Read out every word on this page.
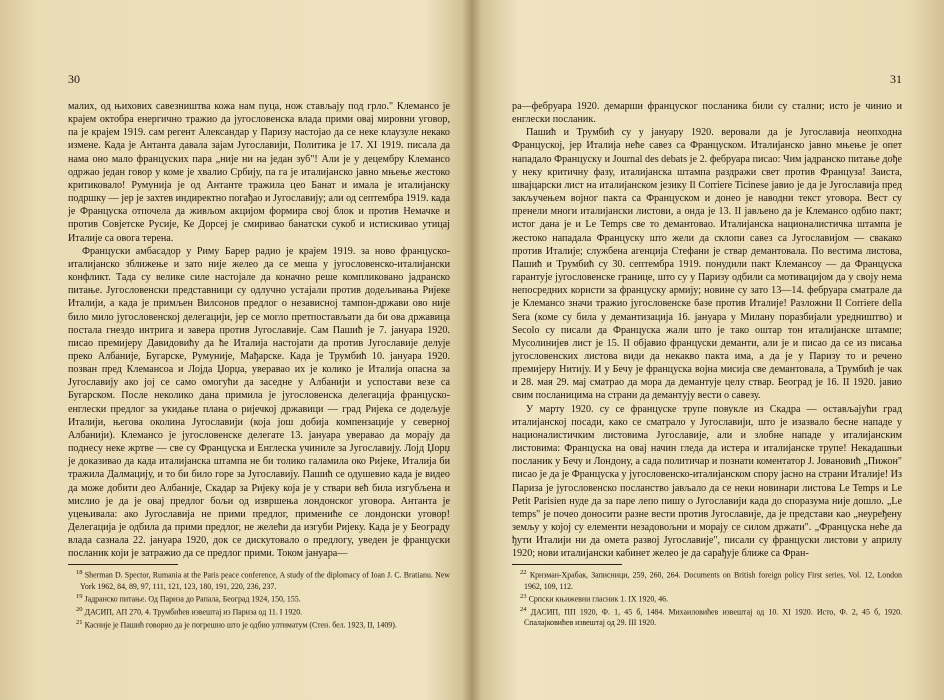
30

малих, од њихових савезништва кожа нам пуца, нож стављају под грло." Клемансо је крајем октобра енергично тражио да југословенска влада прими овај мировни уговор, па је крајем 1919. сам регент Александар у Паризу настојао да се неке клаузуле некако измене. Када је Антанта давала зајам Југославији, Политика је 17. XI 1919. писала да нама оно мало француских пара „није ни на један зуб"! Али је у децембру Клемансо одржао један говор у коме је хвалио Србију, па га је италијанско јавно мњење жестоко критиковало! Румунија је од Антанте тражила цео Банат и имала је италијанску подршку — јер је захтев индиректно погађао и Југославију; али од септембра 1919. када је Француска отпочела да живљом акцијом формира свој блок и против Немачке и против Совјетске Русије, Ке Дорсеј је смиривао банатски сукоб и истискивао утицај Италије са овога терена.

Француски амбасадор у Риму Барер радио је крајем 1919. за ново француско-италијанско зближење и зато није желео да се меша у југословенско-италијански конфликт. Тада су велике силе настојале да коначно реше компликовано јадранско питање. Југословенски представници су одлучно устајали против додељивања Ријеке Италији, а када је примљен Вилсонов предлог о независној тампон-држави ово није било мило југословенској делегацији, јер се могло претпостављати да би ова државица постала гнездо интрига и завера против Југославије. Сам Пашић је 7. јануара 1920. писао премијеру Давидовићу да ће Италија настојати да против Југославије делује преко Албаније, Бугарске, Румуније, Мађарске. Када је Трумбић 10. јануара 1920. позван пред Клемансоа и Лојда Џорџа, уверавао их је колико је Италија опасна за Југославију ако јој се само омогући да заседне у Албанији и успостави везе са Бугарском. После неколико дана примила је југословенска делегација француско-енглески предлог за укидање плана о ријечкој државици — град Ријека се додељује Италији, његова околина Југославији (која још добија компензације у северној Албанији). Клемансо је југословенске делегате 13. јануара уверавао да морају да поднесу неке жртве — све су Француска и Енглеска учиниле за Југославију. Лојд Џорџ је доказивао да када италијанска штампа не би толико галамила око Ријеке, Италија би тражила Далмацију, и то би било горе за Југославију. Пашић се одушевио када је видео да може добити део Албаније, Скадар за Ријеку која је у ствари већ била изгубљена и мислио је да је овај предлог бољи од извршења лондонског уговора. Антанта је уцењивала: ако Југославија не прими предлог, примениће се лондонски уговор! Делегација је одбила да прими предлог, не желећи да изгуби Ријеку. Када је у Београду влада сазнала 22. јануара 1920, док се дискутовало о предлогу, уведен је француски посланик који је затражио да се предлог прими. Током јануара—

$^{18}$ Sherman D. Spector, Rumania at the Paris peace conference, A study of the diplomacy of Ioan J. C. Bratianu. New York 1962, 84, 89, 97, 111, 121, 123, 180, 191, 220, 236, 237.

$^{19}$ Јадранско питање. Од Париза до Рапала, Београд 1924, 150, 155.

$^{20}$ ДАСИП, АП 270, 4. Трумбићев извештај из Париза од 11. I 1920.

$^{21}$ Касније је Пашић говорио да је погрешно што је одбио ултиматум (Стен. бел. 1923, II, 1409).

31

ра—фебруара 1920. демарши француског посланика били су стални; исто је чинио и енглески посланик.

Пашић и Трумбић су у јануару 1920. веровали да је Југославија неопходна Француској, јер Италија неће савез са Француском. Италијанско јавно мњење је опет нападало Француску и Journal des debats је 2. фебруара писао: Чим јадранско питање дође у неку критичну фазу, италијанска штампа раздражи свет против Француза! Заиста, швајцарски лист на италијанском језику Il Corriere Ticinese јавио је да је Југославија пред закључењем војног пакта са Француском и донео је наводни текст уговора. Вест су пренели многи италијански листови, а онда је 13. II јављено да је Клемансо одбио пакт; истог дана је и Le Temps све то демантовао. Италијанска националистичка штампа је жестоко нападала Француску што жели да склопи савез са Југославијом — свакако против Италије; службена агенција Стефани је ствар демантовала. По вестима листова, Пашић и Трумбић су 30. септембра 1919. понудили пакт Клемансоу — да Француска гарантује југословенске границе, што су у Паризу одбили са мотивацијом да у своју нема непосредних користи за француску армију; новине су зато 13—14. фебруара сматрале да је Клемансо значи тражио југословенске базе против Италије! Разложни Il Corriere della Sera (коме су била у демантизација 16. јануара у Милану поразбијали уредништво) и Secolo су писали да Француска жали што је тако оштар тон италијанске штампе; Мусолинијев лист је 15. II објавио француски деманти, али је и писао да се из писања југословенских листова види да некакво пакта има, а да је у Паризу то и речено премијеру Нитију. И у Бечу је француска војна мисија све демантовала, а Трумбић је чак и 28. мая 29. мај сматрао да мора да демантује целу ствар. Београд је 16. II 1920. јавио свим посланицима на страни да демантују вести о савезу.

У марту 1920. су се француске трупе повукле из Скадра — остављајући град италијанској посади, како се сматрало у Југославији, што је изазвало бесне нападе у националистичким листовима Југославије, али и злобне нападе у италијанским листовима: Француска на овај начин гледа да истера и италијанске трупе! Некадашњи посланик у Бечу и Лондону, а сада политичар и познати коментатор Ј. Јовановић „Пижон" писао је да је Француска у југословенско-италијанском спору јасно на страни Италије! Из Париза је југословенско посланство јављало да се неки новинари листова Le Temps и Le Petit Parisien нуде да за паре лепо пишу о Југославији када до споразума није дошло. „Le temps" је почео доносити разне вести против Југославије, да је представи као „неуређену земљу у којој су елементи незадовољни и морају се силом држати". „Француска неће да ђути Италији ни да омета развој Југославије", писали су француски листови у априлу 1920; нови италијански кабинет желео је да сарађује ближе са Фран-

$^{22}$ Крнзман-Храбак, Записници, 259, 260, 264. Documents on British foreign policy First series, Vol. 12, London 1962, 109, 112.

$^{23}$ Српски књижевни гласник 1. IX 1920, 46.

$^{24}$ ДАСИП, ПП 1920, Ф. 1, 45 б, 1484. Михаиловићев извештај од 10. XI 1920. Исто, Ф. 2, 45 б, 1920. Спалајковићев извештај од 29. III 1920.
